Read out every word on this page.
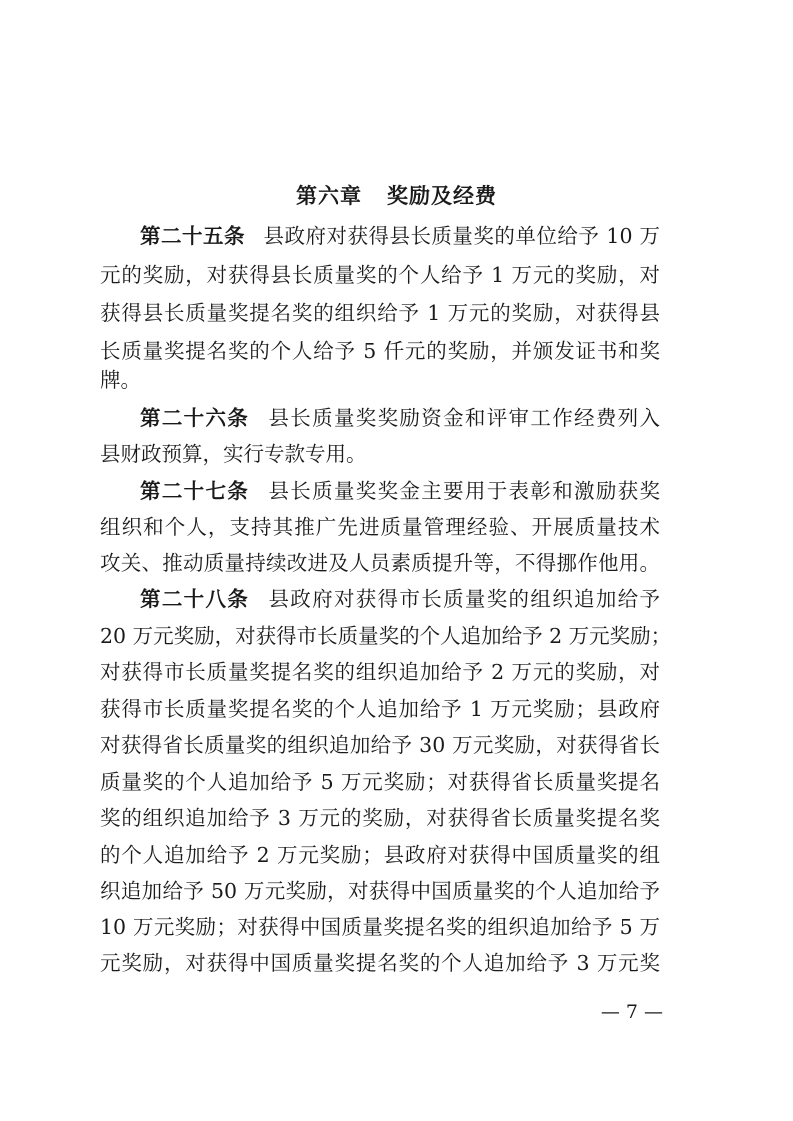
第六章   奖励及经费
第二十五条 县政府对获得县长质量奖的单位给予 10 万
元的奖励，对获得县长质量奖的个人给予 1 万元的奖励，对
获得县长质量奖提名奖的组织给予 1 万元的奖励，对获得县
长质量奖提名奖的个人给予 5 仟元的奖励，并颁发证书和奖
牌。
第二十六条 县长质量奖奖励资金和评审工作经费列入
县财政预算，实行专款专用。
第二十七条 县长质量奖奖金主要用于表彰和激励获奖
组织和个人，支持其推广先进质量管理经验、开展质量技术
攻关、推动质量持续改进及人员素质提升等，不得挪作他用。
第二十八条 县政府对获得市长质量奖的组织追加给予
20 万元奖励，对获得市长质量奖的个人追加给予 2 万元奖励；
对获得市长质量奖提名奖的组织追加给予 2 万元的奖励，对
获得市长质量奖提名奖的个人追加给予 1 万元奖励；县政府
对获得省长质量奖的组织追加给予 30 万元奖励，对获得省长
质量奖的个人追加给予 5 万元奖励；对获得省长质量奖提名
奖的组织追加给予 3 万元的奖励，对获得省长质量奖提名奖
的个人追加给予 2 万元奖励；县政府对获得中国质量奖的组
织追加给予 50 万元奖励，对获得中国质量奖的个人追加给予
10 万元奖励；对获得中国质量奖提名奖的组织追加给予 5 万
元奖励，对获得中国质量奖提名奖的个人追加给予 3 万元奖
— 7 —
